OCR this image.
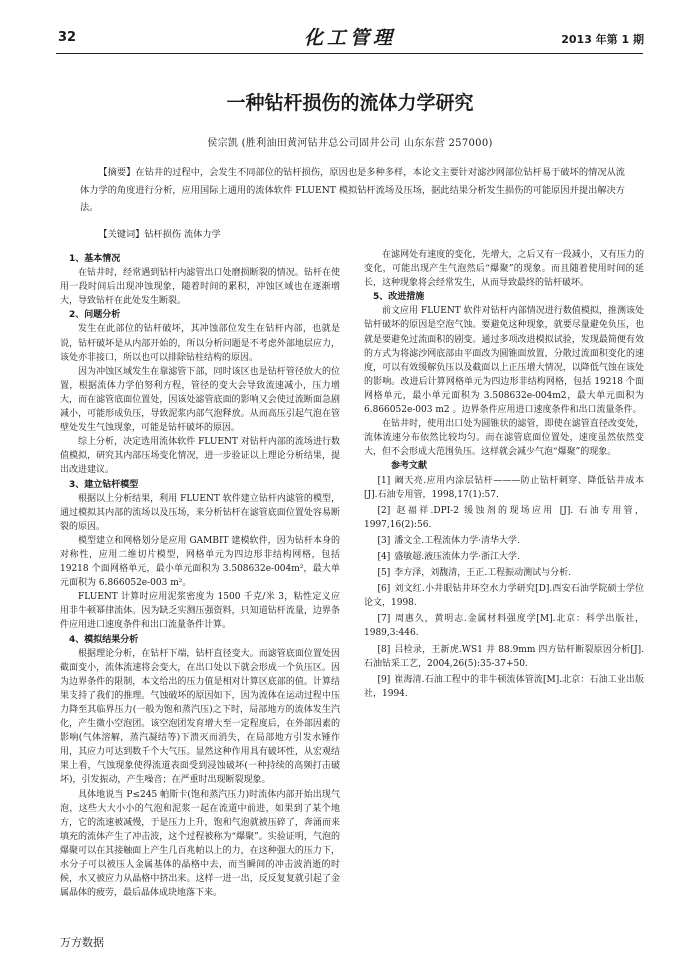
32	化工管理	2013 年第 1 期
一种钻杆损伤的流体力学研究
侯宗凯 (胜利油田黄河钻井总公司固井公司 山东东营 257000)
【摘要】在钻井的过程中，会发生不同部位的钻杆损伤，原因也是多种多样，本论文主要针对滤沙网部位钻杆易于破坏的情况从流体力学的角度进行分析，应用国际上通用的流体软件 FLUENT 模拟钻杆流场及压场，据此结果分析发生损伤的可能原因并提出解决方法。
【关键词】钻杆损伤 流体力学
1、基本情况

在钻井时，经常遇到钻杆内滤管出口处磨损断裂的情况。钻杆在使用一段时间后出现冲蚀现象，随着时间的累积，冲蚀区域也在逐渐增大，导致钻杆在此处发生断裂。

2、问题分析

发生在此部位的钻杆破坏，其冲蚀部位发生在钻杆内部，也就是说，钻杆破坏是从内部开始的，所以分析问题是不考虑外部地层应力，该处亦非接口，所以也可以排除钻柱结构的原因。

因为冲蚀区域发生在靠滤管下部，同时该区也是钻杆管径放大的位置，根据流体力学伯努利方程，管径的变大会导致流速减小，压力增大，而在滤管底面位置处，因该处滤管底面的影响又会使过流断面急剧减小，可能形成负压，导致泥浆内部气泡释放。从而高压引起气泡在管壁处发生气蚀现象，可能是钻杆破坏的原因。

综上分析，决定选用流体软件 FLUENT 对钻杆内部的流场进行数值模拟，研究其内部压场变化情况，进一步验证以上理论分析结果，提出改进建议。

3、建立钻杆模型

根据以上分析结果，利用 FLUENT 软件建立钻杆内滤管的模型，通过模拟其内部的流场以及压场，来分析钻杆在滤管底面位置处容易断裂的原因。

模型建立和网格划分是应用 GAMBIT 建模软件，因为钻杆本身的对称性，应用二维切片模型，网格单元为四边形非结构网格，包括 19218 个面网格单元，最小单元面积为 3.508632e-004m²，最大单元面积为 6.866052e-003 m²。

FLUENT 计算时应用泥浆密度为 1500 千克/米 3，粘性定义应用非牛顿幂律流体。因为缺乏实测压强资料，只知道钻杆流量，边界条件应用进口速度条件和出口流量条件计算。

4、模拟结果分析

根据理论分析，在钻杆下端，钻杆直径变大。而滤管底面位置处因截面变小，流体流速将会变大，在出口处以下就会形成一个负压区。因为边界条件的限制，本文给出的压力值是相对计算区底部的值。计算结果支持了我们的推理。气蚀破坏的原因如下，因为流体在运动过程中压力降至其临界压力(一般为饱和蒸汽压)之下时，局部地方的流体发生汽化，产生微小空泡团。该空泡团发育增大至一定程度后，在外部因素的影响(气体溶解，蒸汽凝结等)下溃灭而消失，在局部地方引发水锤作用，其应力可达到数千个大气压。显然这种作用具有破坏性，从宏观结果上看，气蚀现象使得流道表面受到浸蚀破坏(一种持续的高频打击破坏)，引发振动，产生噪音；在严重时出现断裂现象。

具体地说当 P≤245 帕斯卡(饱和蒸汽压力)时流体内部开始出现气泡，这些大大小小的气泡和泥浆一起在流道中前进，如果到了某个地方，它的流速被减慢，于是压力上升，饱和气泡就被压碎了，奔涌而来填充的流体产生了冲击波，这个过程被称为“爆聚”。实验证明，气泡的爆聚可以在其接触面上产生几百兆帕以上的力，在这种强大的压力下，水分子可以被压人金属基体的晶格中去，而当瞬间的冲击波消逝的时候，水又被应力从晶格中挤出来。这样一进一出，反反复复就引起了金属晶体的疲劳，最后晶体成块地落下来。

在滤网处有速度的变化，先增大，之后又有一段减小，又有压力的变化，可能出现产生气泡然后“爆聚”的现象。而且随着使用时间的延长，这种现象将会经常发生，从而导致最终的钻杆破坏。

5、改进措施

前文应用 FLUENT 软件对钻杆内部情况进行数值模拟，推测该处钻杆破坏的原因是空泡气蚀。要避免这种现象，就要尽量避免负压，也就是要避免过流面积的剧变。通过多项改进模拟试验，发现最简便有效的方式为将滤沙网底部由平面改为圆锥面放置，分散过流面积变化的速度，可以有效缓解负压以及截面以上正压增大情况，以降低气蚀在该处的影响。改进后计算网格单元为四边形非结构网格，包括 19218 个面网格单元，最小单元面积为 3.508632e-004m2，最大单元面积为 6.866052e-003 m2 。边界条件应用进口速度条件和出口流量条件。

在钻井时，使用出口处为圆锥状的滤管，即使在滤管直径改变处，流体流速分布依然比较均匀。而在滤管底面位置处，速度虽然依然变大，但不会形成大范围负压。这样就会减少气泡“爆聚”的现象。

参考文献

[1] 阚天亮.应用内涂层钻杆———防止钻杆刺穿、降低钻井成本[J].石油专用管，1998,17(1):57.

[2] 赵福祥.DPI-2 缓蚀剂的现场应用 [J]. 石油专用管，1997,16(2):56.

[3] 潘文全.工程流体力学·清华大学.

[4] 盛敏超.液压流体力学·浙江大学.

[5] 李方泽，刘馥清，王正.工程振动测试与分析.

[6] 刘文红.小井眼钻井环空水力学研究[D].西安石油学院硕士学位论文，1998.

[7] 周惠久，黄明志.金属材料强度学[M].北京：科学出版社，1989,3:446.

[8] 吕检录，王新虎.WS1 井 88.9mm 四方钻杆断裂原因分析[J].石油钻采工艺，2004,26(5):35-37+50.

[9] 崔海清.石油工程中的非牛顿流体管流[M].北京：石油工业出版社，1994.

万方数据
